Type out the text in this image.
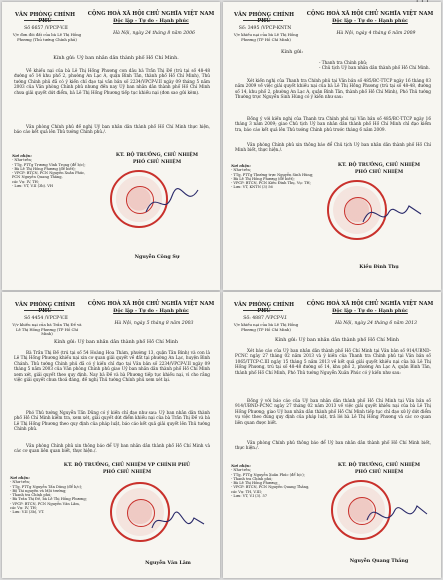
VĂN PHÒNG CHÍNH PHỦ
CỘNG HOÀ XÃ HỘI CHỦ NGHĨA VIỆT NAM
Độc lập - Tự do - Hạnh phúc
Số 6657 /VPCP-V.II
V/v đơn đòi đất của bà Lê Thị Hồng Phương (Thủ tướng Chính phủ)
Hà Nội, ngày 24 tháng 8 năm 2006
Kính gửi: Uỷ ban nhân dân thành phố Hồ Chí Minh.
Về khiếu nại của bà Lê Thị Hồng Phương con dâu bà Trần Thị Đề (trú tại số 48-48 đường số 14 khu phố 2, phường An Lạc A, quận Bình Tân, thành phố Hồ Chí Minh), Thủ tướng Chính phủ đã có ý kiến chỉ đạo tại văn bản số 2234/VPCP-V.II ngày 09 tháng 5 năm 2003 của Văn phòng Chính phủ nhưng đến nay Uỷ ban nhân dân thành phố Hồ Chí Minh chưa giải quyết dứt điểm, bà Lê Thị Hồng Phương tiếp tục khiếu nại (đơn sao gửi kèm).
Văn phòng Chính phủ đề nghị Uỷ ban nhân dân thành phố Hồ Chí Minh thực hiện, báo cáo kết quả lên Thủ tướng Chính phủ./.
Nơi nhận:
- Như trên;
- TTg, PTTg Trương Vĩnh Trọng (để b/c);
- Bà Lê Thị Hồng Phương (để biết);
- VPCP: BTCN, PCN Nguyễn Xuân Phúc,
PCN Nguyễn Quang Thắng,
các Vụ: IV, TH;
- Lưu: VT, V.II (3b). VH
KT. BỘ TRƯỞNG, CHỦ NHIỆM
PHÓ CHỦ NHIỆM
Nguyễn Công Sự
VĂN PHÒNG CHÍNH PHỦ
CỘNG HOÀ XÃ HỘI CHỦ NGHĨA VIỆT NAM
Độc lập - Tự do - Hạnh phúc
Số: 3495 /VPCP-KNTN
V/v khiếu nại của bà Lê Thị Hồng Phương (TP Hồ Chí Minh)
Hà Nội, ngày 4 tháng 6 năm 2009
Kính gửi:
- Thanh tra Chính phủ;
- Chủ tịch Uỷ ban nhân dân thành phố Hồ Chí Minh.
Xét kiến nghị của Thanh tra Chính phủ tại Văn bản số 485/BC-TTCP ngày 16 tháng 03 năm 2009 về việc giải quyết khiếu nại của bà Lê Thị Hồng Phương (trú tại số 48-48, đường số 14, khu phố 2, phường An Lạc A, quận Bình Tân, thành phố Hồ Chí Minh), Phó Thủ tướng Thường trực Nguyễn Sinh Hùng có ý kiến như sau:
Đồng ý với kiến nghị của Thanh tra Chính phủ tại Văn bản số 485/BC-TTCP ngày 16 tháng 3 năm 2009; giao Chủ tịch Uỷ ban nhân dân thành phố Hồ Chí Minh chỉ đạo kiểm tra, báo cáo kết quả lên Thủ tướng Chính phủ trước tháng 6 năm 2009.
Văn phòng Chính phủ xin thông báo để Chủ tịch Uỷ ban nhân dân thành phố Hồ Chí Minh biết, thực hiện./.
Nơi nhận:
- Như trên;
- TTg, PTTg Thường trực Nguyễn Sinh Hùng;
- Bà Lê Thị Hồng Phương (để biết);
- VPCP: BTCN, PCN Kiều Đình Thụ, Vụ: TH;
- Lưu: VT, KNTN (3) 56
KT. BỘ TRƯỞNG, CHỦ NHIỆM
PHÓ CHỦ NHIỆM
Kiều Đình Thụ
VĂN PHÒNG CHÍNH PHỦ
CỘNG HOÀ XÃ HỘI CHỦ NGHĨA VIỆT NAM
Độc lập - Tự do - Hạnh phúc
Số 4454 /VPCP-V.II
V/v khiếu nại của bà Trần Thị Đề và Lê Thị Hồng Phương (TP Hồ Chí Minh)
Hà Nội, ngày 5 tháng 8 năm 2003
Kính gửi: Uỷ ban nhân dân thành phố Hồ Chí Minh
Bà Trần Thị Đề (trú tại số 54 Hoàng Hoa Thám, phường 13, quận Tân Bình) và con là Lê Thị Hồng Phương khiếu nại xin cơ quan giải quyết về đất tại phường An Lạc, huyện Bình Chánh. Thủ tướng Chính phủ đã có ý kiến chỉ đạo tại Văn bản số 2234/VPCP-V.II ngày 09 tháng 5 năm 2003 của Văn phòng Chính phủ giao Uỷ ban nhân dân thành phố Hồ Chí Minh xem xét, giải quyết theo quy định. Nay bà Đề và bà Phương tiếp tục khiếu nại, vì cho rằng việc giải quyết chưa thoả đáng, đề nghị Thủ tướng Chính phủ xem xét lại.
Phó Thủ tướng Nguyễn Tấn Dũng có ý kiến chỉ đạo như sau: Uỷ ban nhân dân thành phố Hồ Chí Minh kiểm tra, xem xét, giải quyết dứt điểm khiếu nại của bà Trần Thị Đề và bà Lê Thị Hồng Phương theo quy định của pháp luật, báo cáo kết quả giải quyết lên Thủ tướng Chính phủ.
Văn phòng Chính phủ xin thông báo để Uỷ ban nhân dân thành phố Hồ Chí Minh và các cơ quan liên quan biết, thực hiện./.
KT. BỘ TRƯỞNG, CHỦ NHIỆM VP CHÍNH PHỦ
PHÓ CHỦ NHIỆM
Nơi nhận:
- Như trên;
- TTg, PTTg Nguyễn Tấn Dũng (để b/c);
- Bộ Tài nguyên và Môi trường;
- Thanh tra Chính phủ;
- Bà Trần Thị Đề, bà Lê Thị Hồng Phương;
- VPCP: BTCN, PCN Nguyễn Văn Lâm,
các Vụ: IV, TH;
- Lưu: V.II (3b), VT.
Nguyễn Văn Lâm
VĂN PHÒNG CHÍNH PHỦ
CỘNG HOÀ XÃ HỘI CHỦ NGHĨA VIỆT NAM
Độc lập - Tự do - Hạnh phúc
Số: 4887 /VPCP-V.I
V/v khiếu nại của bà Lê Thị Hồng Phương (TP Hồ Chí Minh)
Hà Nội, ngày 24 tháng 6 năm 2013
Kính gửi: Uỷ ban nhân dân thành phố Hồ Chí Minh
Xét báo cáo của Uỷ ban nhân dân thành phố Hồ Chí Minh tại Văn bản số 914/UBND-PCNC ngày 27 tháng 02 năm 2013 và ý kiến của Thanh tra Chính phủ tại Văn bản số 1065/TTCP-C.III ngày 15 tháng 5 năm 2013 về kết quả giải quyết khiếu nại của bà Lê Thị Hồng Phương, trú tại số 48-48 đường số 14, khu phố 2, phường An Lạc A, quận Bình Tân, thành phố Hồ Chí Minh, Phó Thủ tướng Nguyễn Xuân Phúc có ý kiến như sau:
Đồng ý với báo cáo của Uỷ ban nhân dân thành phố Hồ Chí Minh tại Văn bản số 914/UBND-PCNC ngày 27 tháng 02 năm 2013 về việc giải quyết khiếu nại của bà Lê Thị Hồng Phương; giao Uỷ ban nhân dân thành phố Hồ Chí Minh tiếp tục chỉ đạo xử lý dứt điểm vụ việc theo đúng quy định của pháp luật, trả lời bà Lê Thị Hồng Phương và các cơ quan liên quan được biết.
Văn phòng Chính phủ thông báo để Uỷ ban nhân dân thành phố Hồ Chí Minh biết, thực hiện./.
Nơi nhận:
- Như trên;
- TTg, PTTg Nguyễn Xuân Phúc (để b/c);
- Thanh tra Chính phủ;
- Bà Lê Thị Hồng Phương;
- VPCP: BTCN, PCN Nguyễn Quang Thắng,
các Vụ: TH, V.III;
- Lưu: VT, V.I (3). 57
KT. BỘ TRƯỞNG, CHỦ NHIỆM
PHÓ CHỦ NHIỆM
Nguyễn Quang Thắng
